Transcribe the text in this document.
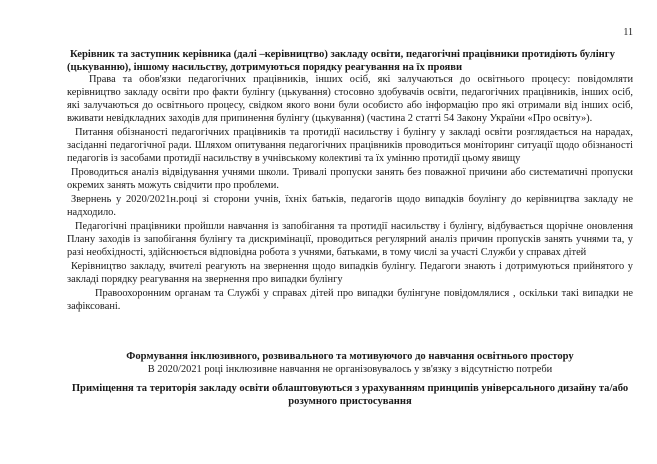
11

Керівник та заступник керівника (далі –керівництво) закладу освіти, педагогічні працівники протидіють булінгу (цькуванню), іншому насильству, дотримуються порядку реагування на їх прояви

Права та обов'язки педагогічних працівників, інших осіб, які залучаються до освітнього процесу: повідомляти керівництво закладу освіти про факти булінгу (цькування) стосовно здобувачів освіти, педагогічних працівників, інших осіб, які залучаються до освітнього процесу, свідком якого вони були особисто або інформацію про які отримали від інших осіб, вживати невідкладних заходів для припинення булінгу (цькування) (частина 2 статті 54 Закону України «Про освіту»).

Питання обізнаності педагогічних працівників та протидії насильству і булінгу у закладі освіти розглядається на нарадах, засіданні педагогічної ради. Шляхом опитування педагогічних працівників проводиться моніторинг ситуації щодо обізнаності педагогів із засобами протидії насильству в учнівському колективі та їх умінню протидії цьому явищу

Проводиться аналіз відвідування учнями школи. Тривалі пропуски занять без поважної причини або систематичні пропуски окремих занять можуть свідчити про проблеми.

Звернень у 2020/2021н.році зі сторони учнів, їхніх батьків, педагогів щодо випадків боулінгу до керівництва закладу не надходило.

Педагогічні працівники пройшли навчання із запобігання та протидії насильству і булінгу, відбувається щорічне оновлення Плану заходів із запобігання булінгу та дискримінації, проводиться регулярний аналіз причин пропусків занять учнями та, у разі необхідності, здійснюється відповідна робота з учнями, батьками, в тому числі за участі Служби у справах дітей

Керівництво закладу, вчителі реагують на звернення щодо випадків булінгу. Педагоги знають і дотримуються прийнятого у закладі порядку реагування на звернення про випадки булінгу

Правоохоронним органам та Службі у справах дітей про випадки булінгуне повідомлялися , оскільки такі випадки не зафіксовані.

Формування інклюзивного, розвивального та мотивуючого до навчання освітнього простору

В 2020/2021 році інклюзивне навчання не організовувалось у зв'язку з відсутністю потреби

Приміщення та територія закладу освіти облаштовуються з урахуванням принципів універсального дизайну та/або розумного пристосування
